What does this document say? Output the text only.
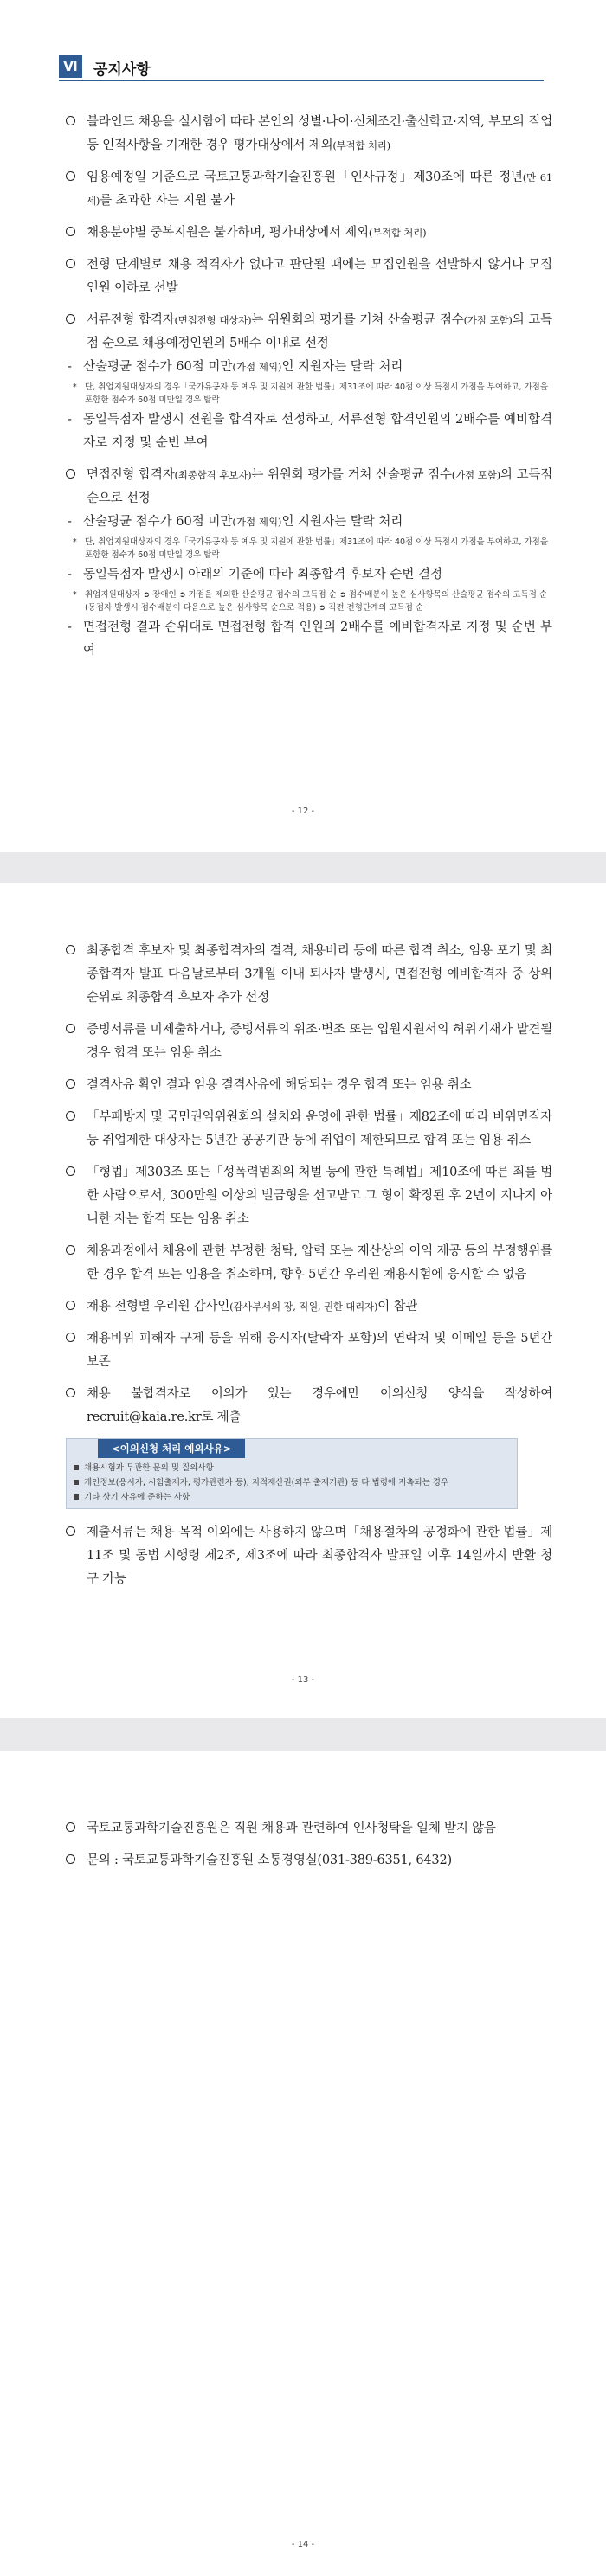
Ⅵ	공지사항
블라인드 채용을 실시함에 따라 본인의 성별·나이·신체조건·출신학교·지역, 부모의 직업 등 인적사항을 기재한 경우 평가대상에서 제외(부적합 처리)
임용예정일 기준으로 국토교통과학기술진흥원「인사규정」제30조에 따른 정년(만 61세)를 초과한 자는 지원 불가
채용분야별 중복지원은 불가하며, 평가대상에서 제외(부적합 처리)
전형 단계별로 채용 적격자가 없다고 판단될 때에는 모집인원을 선발하지 않거나 모집인원 이하로 선발
서류전형 합격자(면접전형 대상자)는 위원회의 평가를 거쳐 산술평균 점수(가점 포함)의 고득점 순으로 채용예정인원의 5배수 이내로 선정
- 산술평균 점수가 60점 미만(가점 제외)인 지원자는 탈락 처리
* 단, 취업지원대상자의 경우「국가유공자 등 예우 및 지원에 관한 법률」제31조에 따라 40점 이상 득점시 가점을 부여하고, 가점을 포함한 점수가 60점 미만일 경우 탈락
- 동일득점자 발생시 전원을 합격자로 선정하고, 서류전형 합격인원의 2배수를 예비합격자로 지정 및 순번 부여
면접전형 합격자(최종합격 후보자)는 위원회 평가를 거쳐 산술평균 점수(가점 포함)의 고득점 순으로 선정
- 산술평균 점수가 60점 미만(가점 제외)인 지원자는 탈락 처리
* 단, 취업지원대상자의 경우「국가유공자 등 예우 및 지원에 관한 법률」제31조에 따라 40점 이상 득점시 가점을 부여하고, 가점을 포함한 점수가 60점 미만일 경우 탈락
- 동일득점자 발생시 아래의 기준에 따라 최종합격 후보자 순번 결정
* 취업지원대상자 ➲ 장애인 ➲ 가점을 제외한 산술평균 점수의 고득점 순 ➲ 점수배분이 높은 심사항목의 산술평균 점수의 고득점 순(동점자 발생시 점수배분이 다음으로 높은 심사항목 순으로 적용) ➲ 직전 전형단계의 고득점 순
- 면접전형 결과 순위대로 면접전형 합격 인원의 2배수를 예비합격자로 지정 및 순번 부여
- 12 -
최종합격 후보자 및 최종합격자의 결격, 채용비리 등에 따른 합격 취소, 임용 포기 및 최종합격자 발표 다음날로부터 3개월 이내 퇴사자 발생시, 면접전형 예비합격자 중 상위 순위로 최종합격 후보자 추가 선정
증빙서류를 미제출하거나, 증빙서류의 위조·변조 또는 입원지원서의 허위기재가 발견될 경우 합격 또는 임용 취소
결격사유 확인 결과 임용 결격사유에 해당되는 경우 합격 또는 임용 취소
「부패방지 및 국민권익위원회의 설치와 운영에 관한 법률」제82조에 따라 비위면직자 등 취업제한 대상자는 5년간 공공기관 등에 취업이 제한되므로 합격 또는 임용 취소
「형법」제303조 또는「성폭력범죄의 처벌 등에 관한 특례법」제10조에 따른 죄를 범한 사람으로서, 300만원 이상의 벌금형을 선고받고 그 형이 확정된 후 2년이 지나지 아니한 자는 합격 또는 임용 취소
채용과정에서 채용에 관한 부정한 청탁, 압력 또는 재산상의 이익 제공 등의 부정행위를 한 경우 합격 또는 임용을 취소하며, 향후 5년간 우리원 채용시험에 응시할 수 없음
채용 전형별 우리원 감사인(감사부서의 장, 직원, 권한 대리자)이 참관
채용비위 피해자 구제 등을 위해 응시자(탈락자 포함)의 연락처 및 이메일 등을 5년간 보존
채용 불합격자로 이의가 있는 경우에만 이의신청 양식을 작성하여 recruit@kaia.re.kr로 제출
<이의신청 처리 예외사유>
채용시험과 무관한 문의 및 질의사항
개인정보(응시자, 시험출제자, 평가관련자 등), 지적재산권(외부 출제기관) 등 타 법령에 저촉되는 경우
기타 상기 사유에 준하는 사항
제출서류는 채용 목적 이외에는 사용하지 않으며「채용절차의 공정화에 관한 법률」제11조 및 동법 시행령 제2조, 제3조에 따라 최종합격자 발표일 이후 14일까지 반환 청구 가능
- 13 -
국토교통과학기술진흥원은 직원 채용과 관련하여 인사청탁을 일체 받지 않음
문의 : 국토교통과학기술진흥원 소통경영실(031-389-6351, 6432)
- 14 -
